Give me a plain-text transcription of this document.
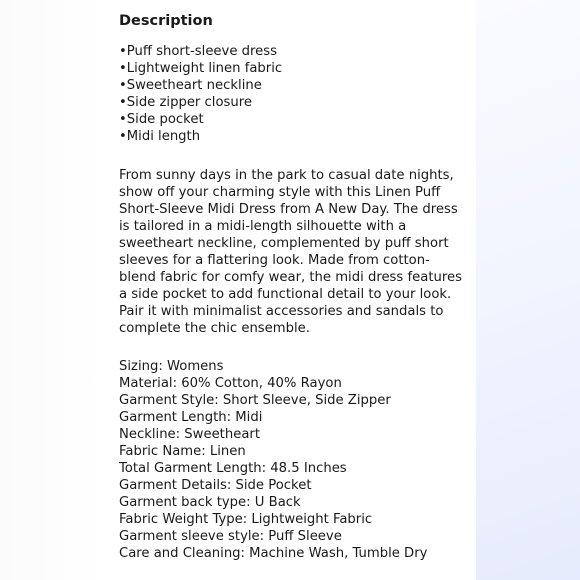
Description
•Puff short-sleeve dress
•Lightweight linen fabric
•Sweetheart neckline
•Side zipper closure
•Side pocket
•Midi length

From sunny days in the park to casual date nights, show off your charming style with this Linen Puff Short-Sleeve Midi Dress from A New Day. The dress is tailored in a midi-length silhouette with a sweetheart neckline, complemented by puff short sleeves for a flattering look. Made from cotton-blend fabric for comfy wear, the midi dress features a side pocket to add functional detail to your look. Pair it with minimalist accessories and sandals to complete the chic ensemble.

Sizing: Womens
Material: 60% Cotton, 40% Rayon
Garment Style: Short Sleeve, Side Zipper
Garment Length: Midi
Neckline: Sweetheart
Fabric Name: Linen
Total Garment Length: 48.5 Inches
Garment Details: Side Pocket
Garment back type: U Back
Fabric Weight Type: Lightweight Fabric
Garment sleeve style: Puff Sleeve
Care and Cleaning: Machine Wash, Tumble Dry
